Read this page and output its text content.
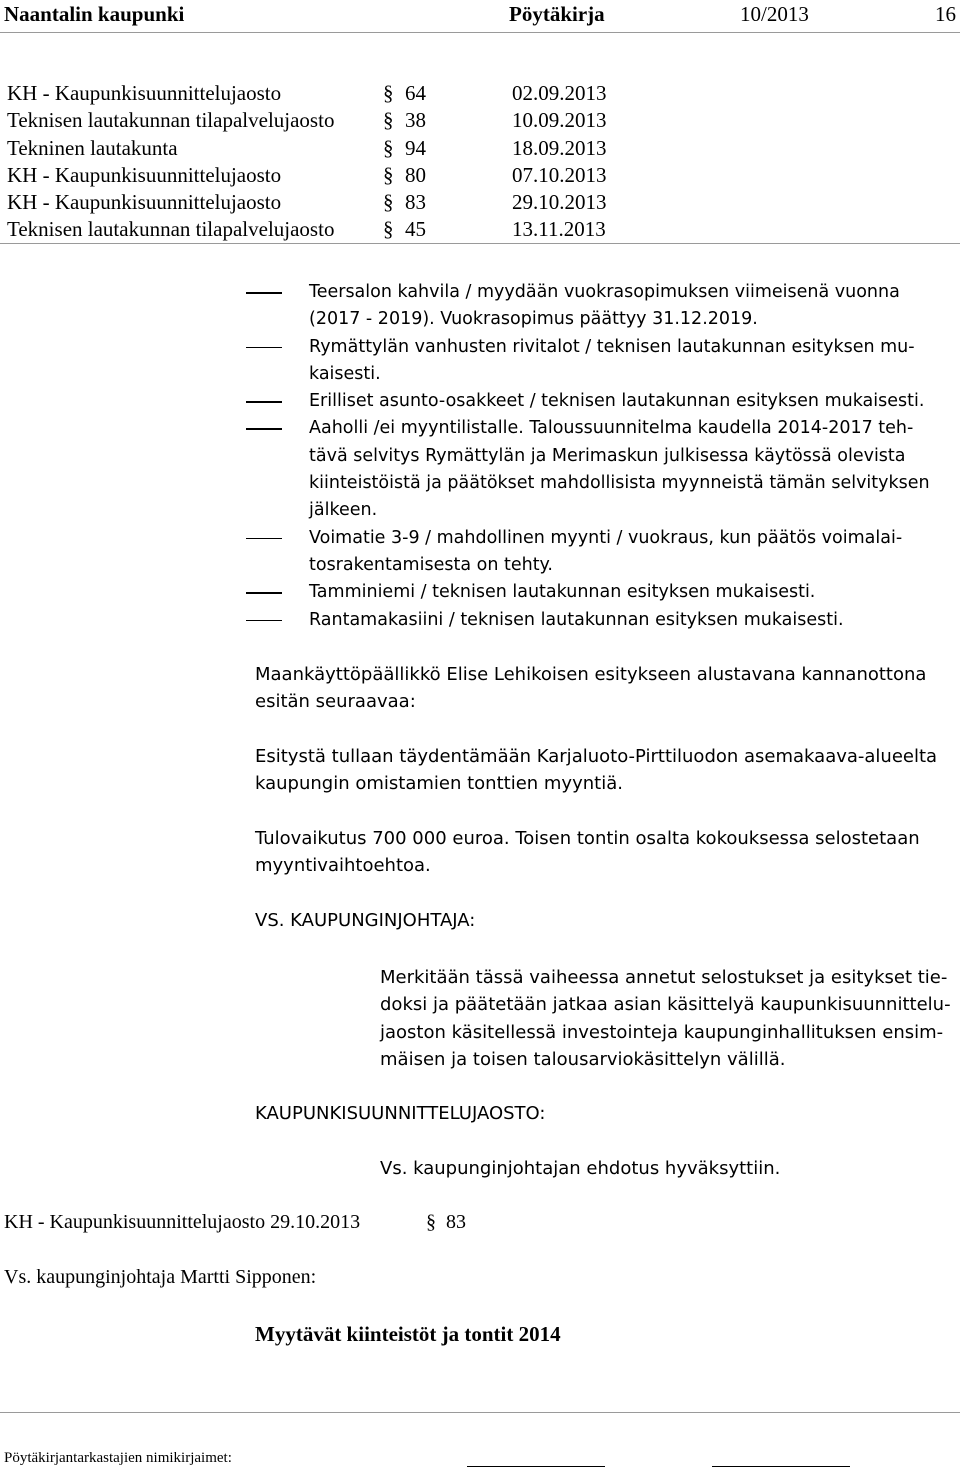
Naantalin kaupunki	Pöytäkirja	10/2013	16
KH - Kaupunkisuunnittelujaosto	§ 64	02.09.2013
Teknisen lautakunnan tilapalvelujaosto § 38	10.09.2013
Tekninen lautakunta	§ 94	18.09.2013
KH - Kaupunkisuunnittelujaosto	§ 80	07.10.2013
KH - Kaupunkisuunnittelujaosto	§ 83	29.10.2013
Teknisen lautakunnan tilapalvelujaosto § 45	13.11.2013
Teersalon kahvila / myydään vuokrasopimuksen viimeisenä vuonna
(2017 - 2019). Vuokrasopimus päättyy 31.12.2019.
Rymättylän vanhusten rivitalot / teknisen lautakunnan esityksen mu-
kaisesti.
Erilliset asunto-osakkeet / teknisen lautakunnan esityksen mukaisesti.
Aaholli /ei myyntilistalle. Taloussuunnitelma kaudella 2014-2017 teh-
tävä selvitys Rymättylän ja Merimaskun julkisessa käytössä olevista
kiinteistöistä ja päätökset mahdollisista myynneistä tämän selvityksen
jälkeen.
Voimatie 3-9 / mahdollinen myynti / vuokraus, kun päätös voimalai-
tosrakentamisesta on tehty.
Tamminiemi / teknisen lautakunnan esityksen mukaisesti.
Rantamakasiini / teknisen lautakunnan esityksen mukaisesti.
Maankäyttöpäällikkö Elise Lehikoisen esitykseen alustavana kannanottona
esitän seuraavaa:
Esitystä tullaan täydentämään Karjaluoto-Pirttiluodon asemakaava-alueelta
kaupungin omistamien tonttien myyntiä.
Tulovaikutus 700 000 euroa. Toisen tontin osalta kokouksessa selostetaan
myyntivaihtoehtoa.
VS. KAUPUNGINJOHTAJA:
Merkitään tässä vaiheessa annetut selostukset ja esitykset tie-
doksi ja päätetään jatkaa asian käsittelyä kaupunkisuunnittelu-
jaoston käsitellessä investointeja kaupunginhallituksen ensim-
mäisen ja toisen talousarviokäsittelyn välillä.
KAUPUNKISUUNNITTELUJAOSTO:
Vs. kaupunginjohtajan ehdotus hyväksyttiin.
KH - Kaupunkisuunnittelujaosto 29.10.2013	§ 83
Vs. kaupunginjohtaja Martti Sipponen:
Myytävät kiinteistöt ja tontit 2014
Pöytäkirjantarkastajien nimikirjaimet:
